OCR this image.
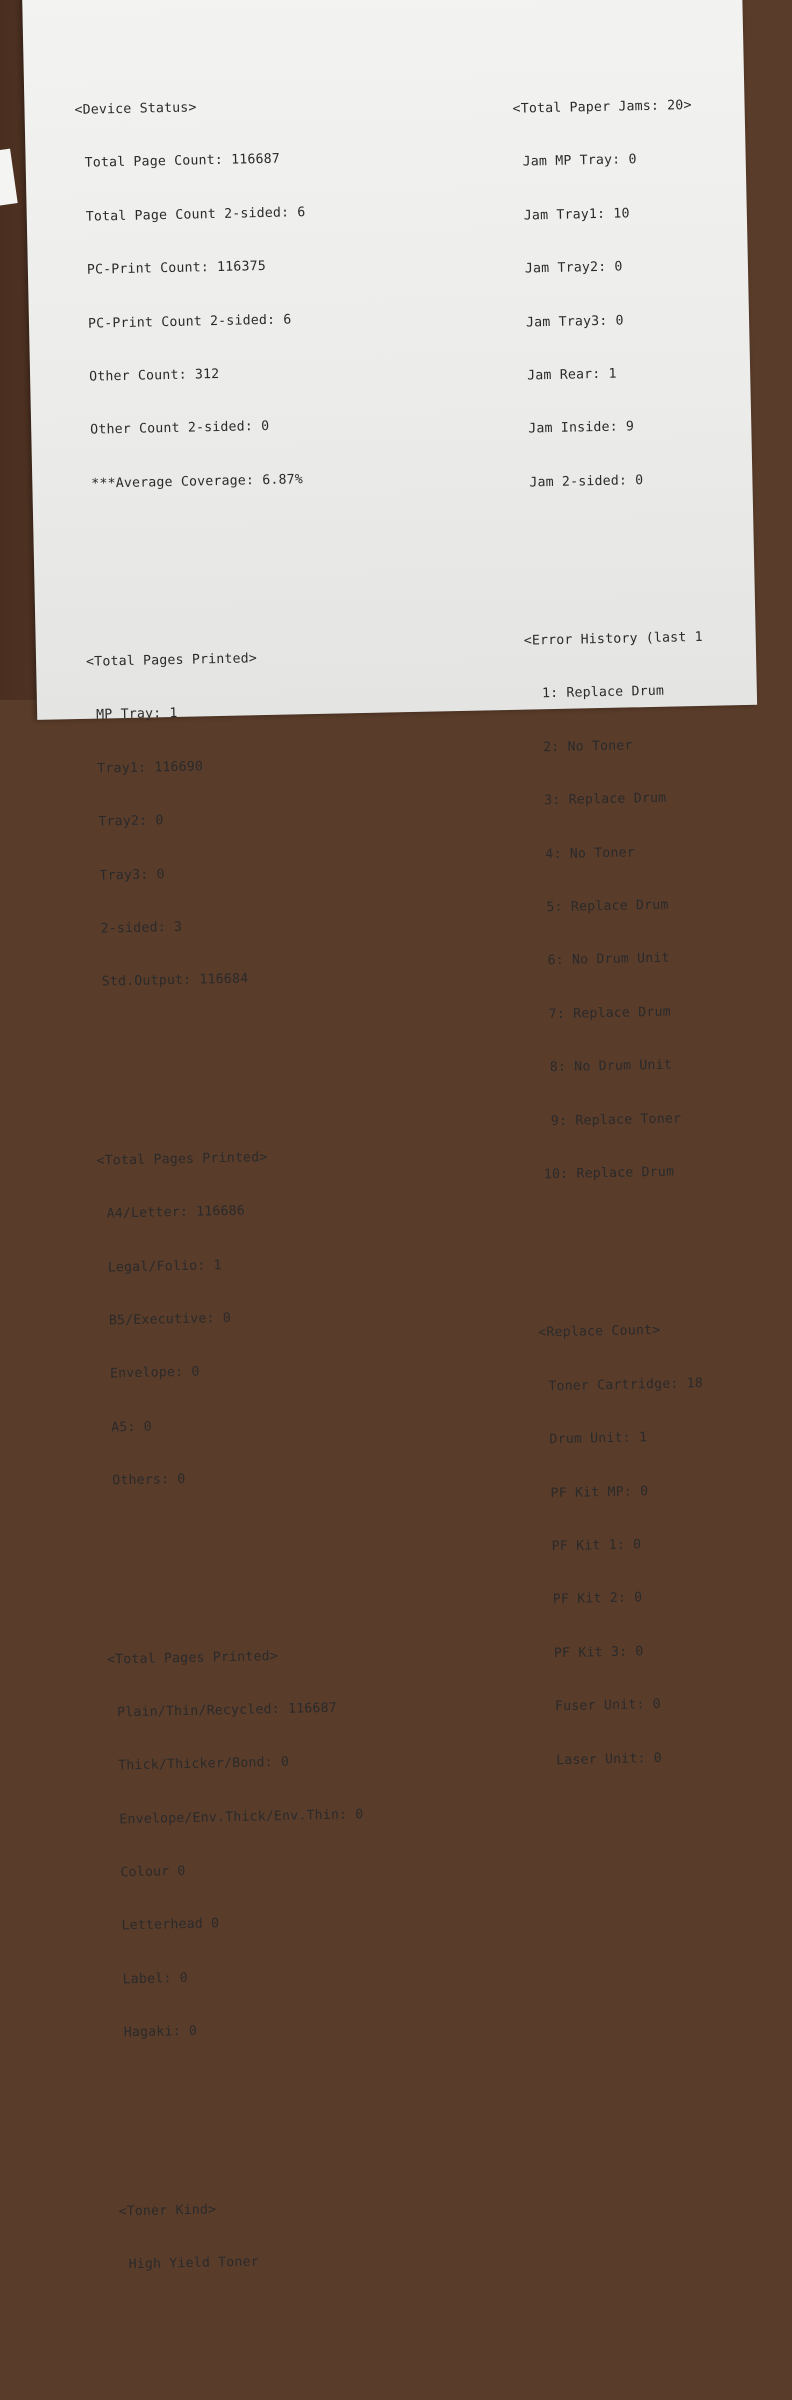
<Device Status>

Total Page Count: 116687

Total Page Count 2-sided: 6

PC-Print Count: 116375

PC-Print Count 2-sided: 6

Other Count: 312

Other Count 2-sided: 0

***Average Coverage: 6.87%

<Total Pages Printed>

MP Tray: 1

Tray1: 116690

Tray2: 0

Tray3: 0

2-sided: 3

Std.Output: 116684

<Total Pages Printed>

A4/Letter: 116686

Legal/Folio: 1

B5/Executive: 0

Envelope: 0

A5: 0

Others: 0

<Total Pages Printed>

Plain/Thin/Recycled: 116687

Thick/Thicker/Bond: 0

Envelope/Env.Thick/Env.Thin: 0

Colour 0

Letterhead 0

Label: 0

Hagaki: 0

<Toner Kind>

High Yield Toner

<Total Paper Jams: 20>

Jam MP Tray: 0

Jam Tray1: 10

Jam Tray2: 0

Jam Tray3: 0

Jam Rear: 1

Jam Inside: 9

Jam 2-sided: 0

<Error History (last 1

1: Replace Drum

2: No Toner

3: Replace Drum

4: No Toner

5: Replace Drum

6: No Drum Unit

7: Replace Drum

8: No Drum Unit

9: Replace Toner

10: Replace Drum

<Replace Count>

Toner Cartridge: 18

Drum Unit: 1

PF Kit MP: 0

PF Kit 1: 0

PF Kit 2: 0

PF Kit 3: 0

Fuser Unit: 0

Laser Unit: 0
